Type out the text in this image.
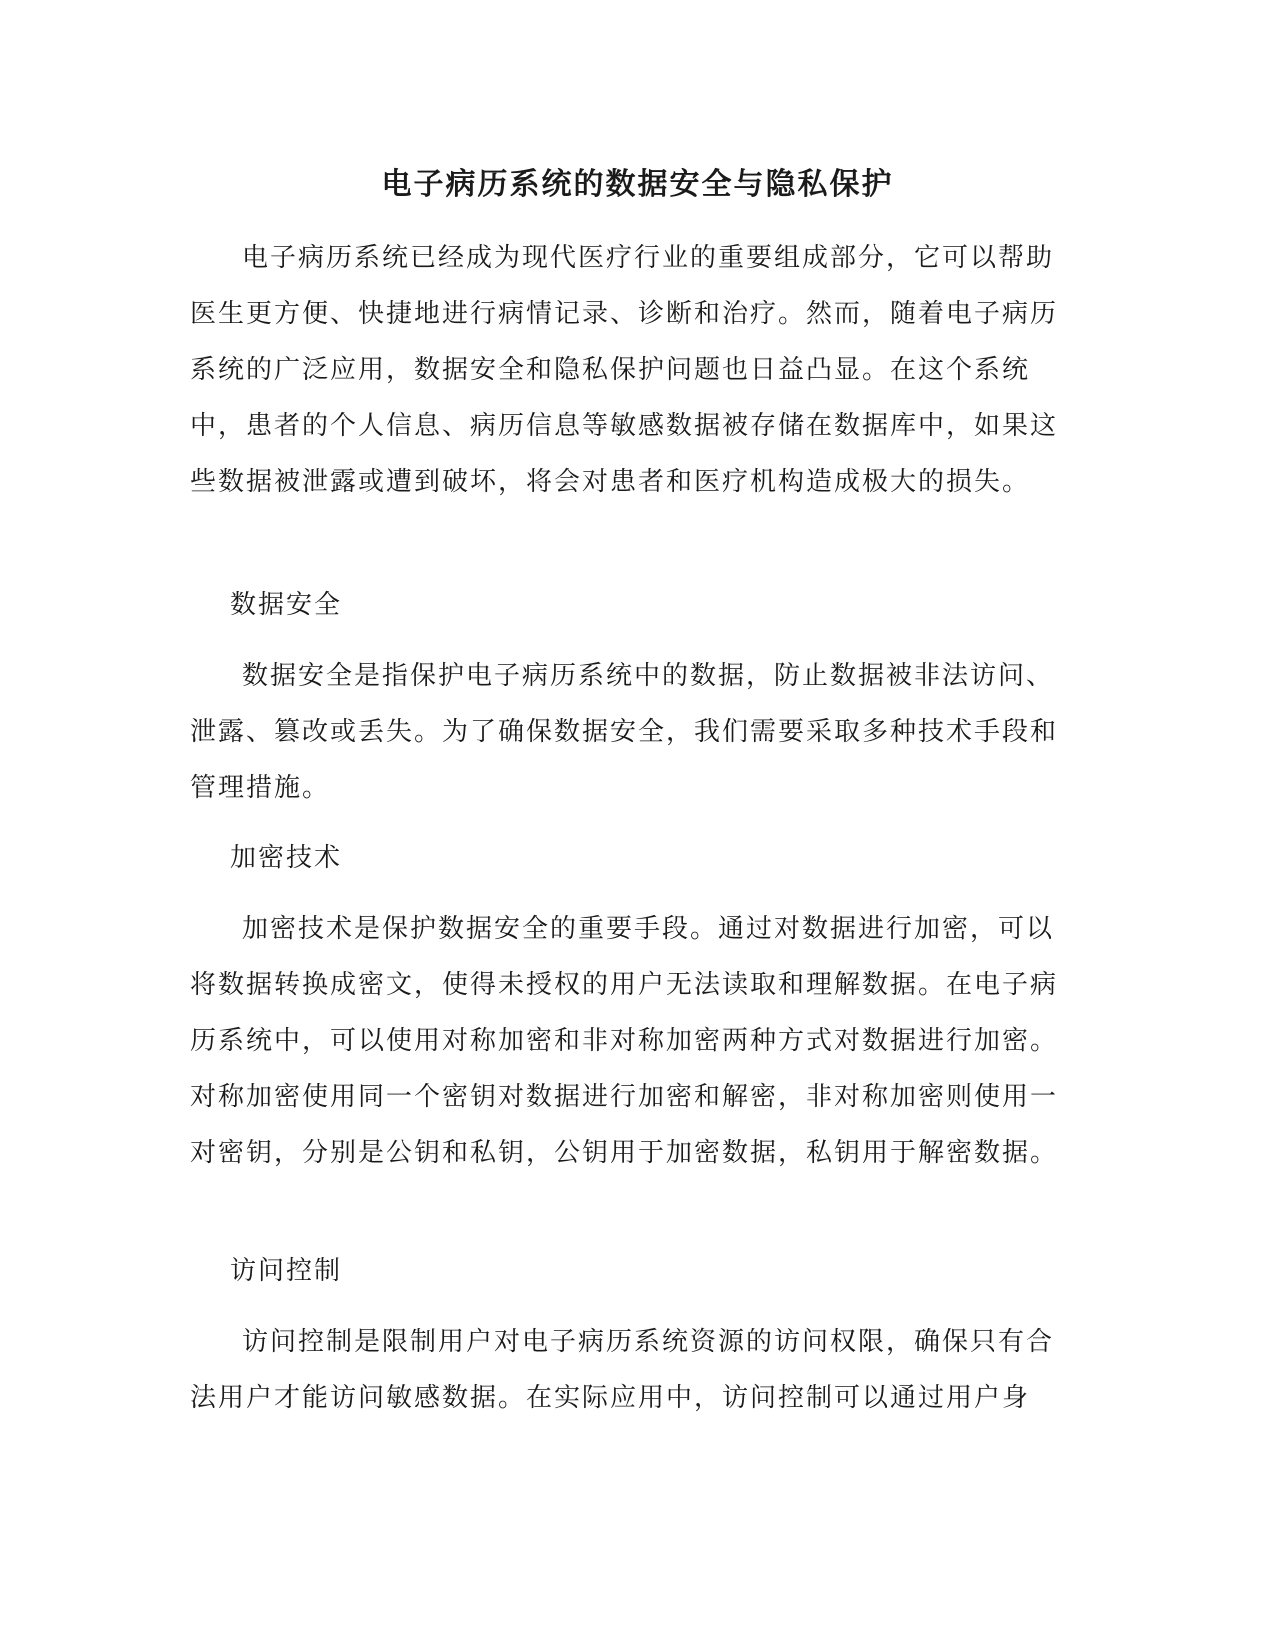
电子病历系统的数据安全与隐私保护

电子病历系统已经成为现代医疗行业的重要组成部分，它可以帮助医生更方便、快捷地进行病情记录、诊断和治疗。然而，随着电子病历系统的广泛应用，数据安全和隐私保护问题也日益凸显。在这个系统中，患者的个人信息、病历信息等敏感数据被存储在数据库中，如果这些数据被泄露或遭到破坏，将会对患者和医疗机构造成极大的损失。

数据安全

数据安全是指保护电子病历系统中的数据，防止数据被非法访问、泄露、篡改或丢失。为了确保数据安全，我们需要采取多种技术手段和管理措施。

加密技术

加密技术是保护数据安全的重要手段。通过对数据进行加密，可以将数据转换成密文，使得未授权的用户无法读取和理解数据。在电子病历系统中，可以使用对称加密和非对称加密两种方式对数据进行加密。对称加密使用同一个密钥对数据进行加密和解密，非对称加密则使用一对密钥，分别是公钥和私钥，公钥用于加密数据，私钥用于解密数据。

访问控制

访问控制是限制用户对电子病历系统资源的访问权限，确保只有合法用户才能访问敏感数据。在实际应用中，访问控制可以通过用户身
